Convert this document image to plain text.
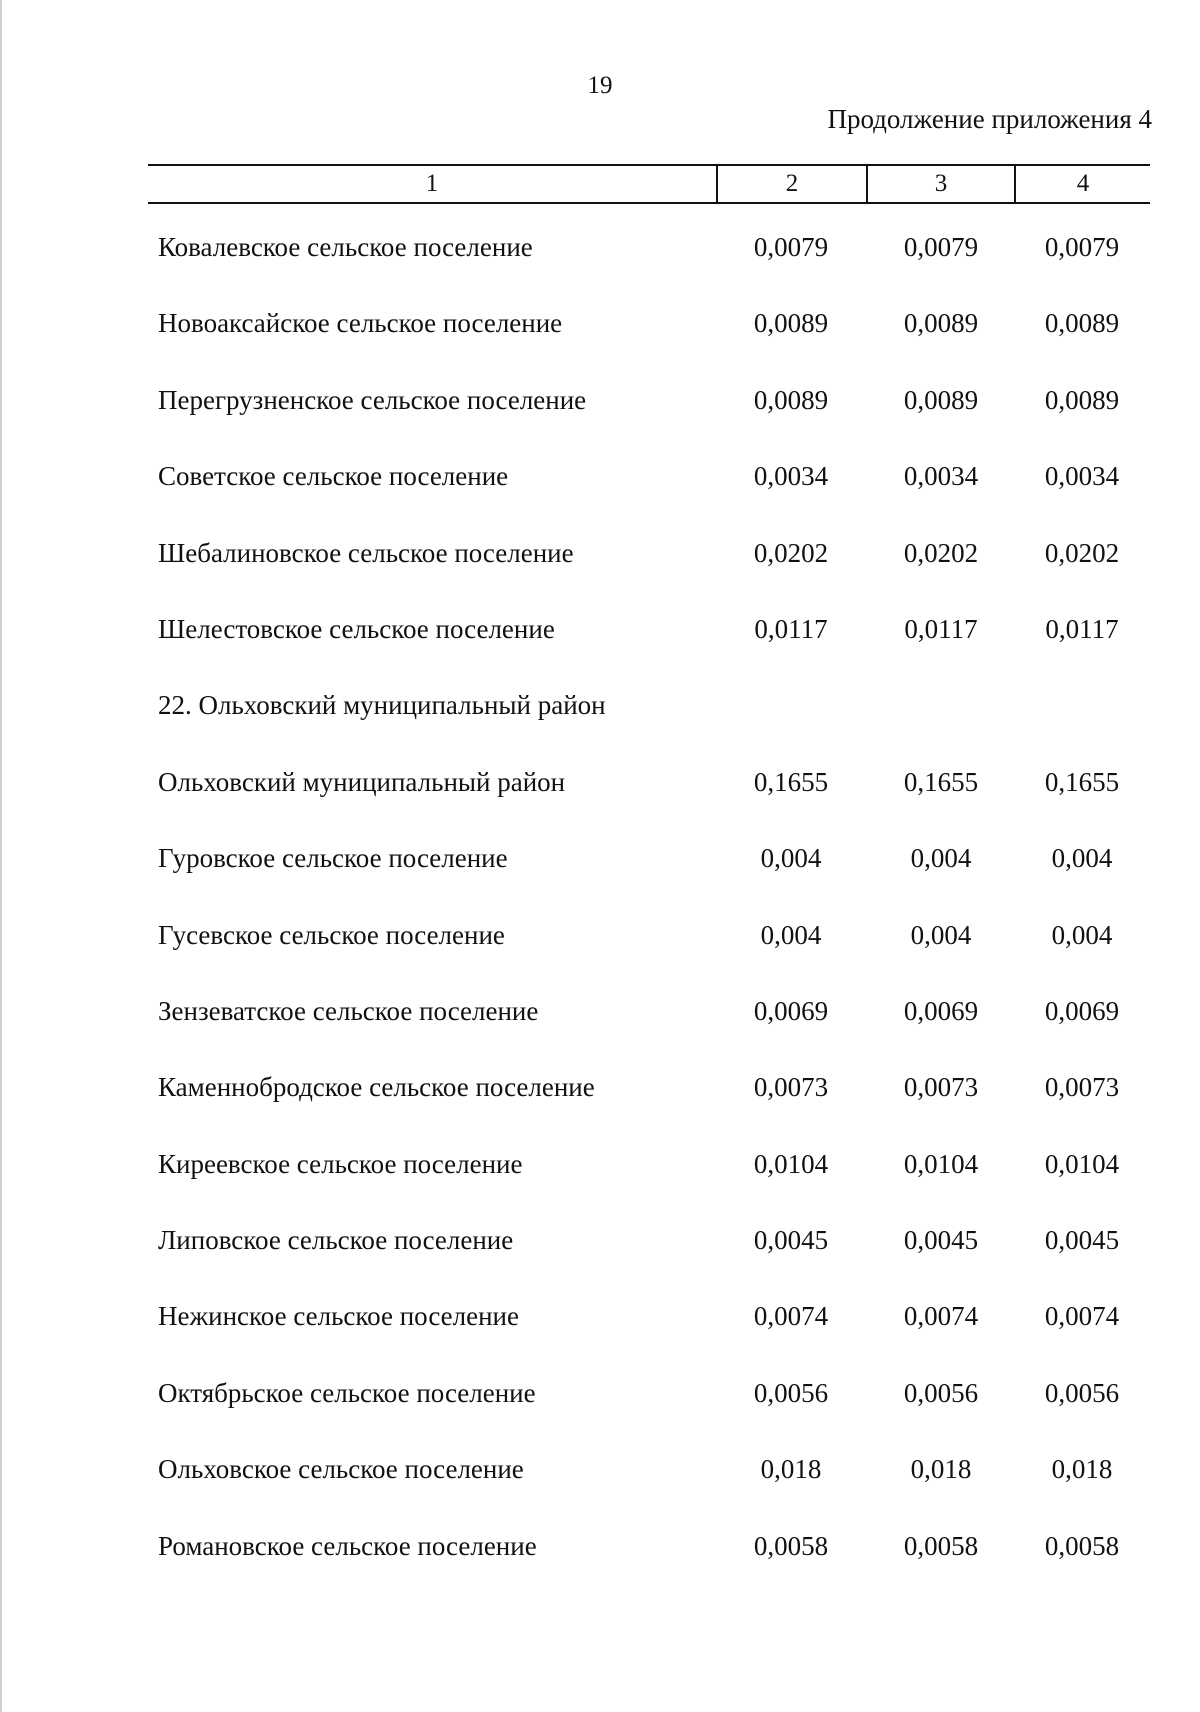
19
Продолжение приложения 4
1	2	3	4
Ковалевское сельское поселение	0,0079	0,0079	0,0079
Новоаксайское сельское поселение	0,0089	0,0089	0,0089
Перегрузненское сельское поселение	0,0089	0,0089	0,0089
Советское сельское поселение	0,0034	0,0034	0,0034
Шебалиновское сельское поселение	0,0202	0,0202	0,0202
Шелестовское сельское поселение	0,0117	0,0117	0,0117
22. Ольховский муниципальный район
Ольховский муниципальный район	0,1655	0,1655	0,1655
Гуровское сельское поселение	0,004	0,004	0,004
Гусевское сельское поселение	0,004	0,004	0,004
Зензеватское сельское поселение	0,0069	0,0069	0,0069
Каменнобродское сельское поселение	0,0073	0,0073	0,0073
Киреевское сельское поселение	0,0104	0,0104	0,0104
Липовское сельское поселение	0,0045	0,0045	0,0045
Нежинское сельское поселение	0,0074	0,0074	0,0074
Октябрьское сельское поселение	0,0056	0,0056	0,0056
Ольховское сельское поселение	0,018	0,018	0,018
Романовское сельское поселение	0,0058	0,0058	0,0058
